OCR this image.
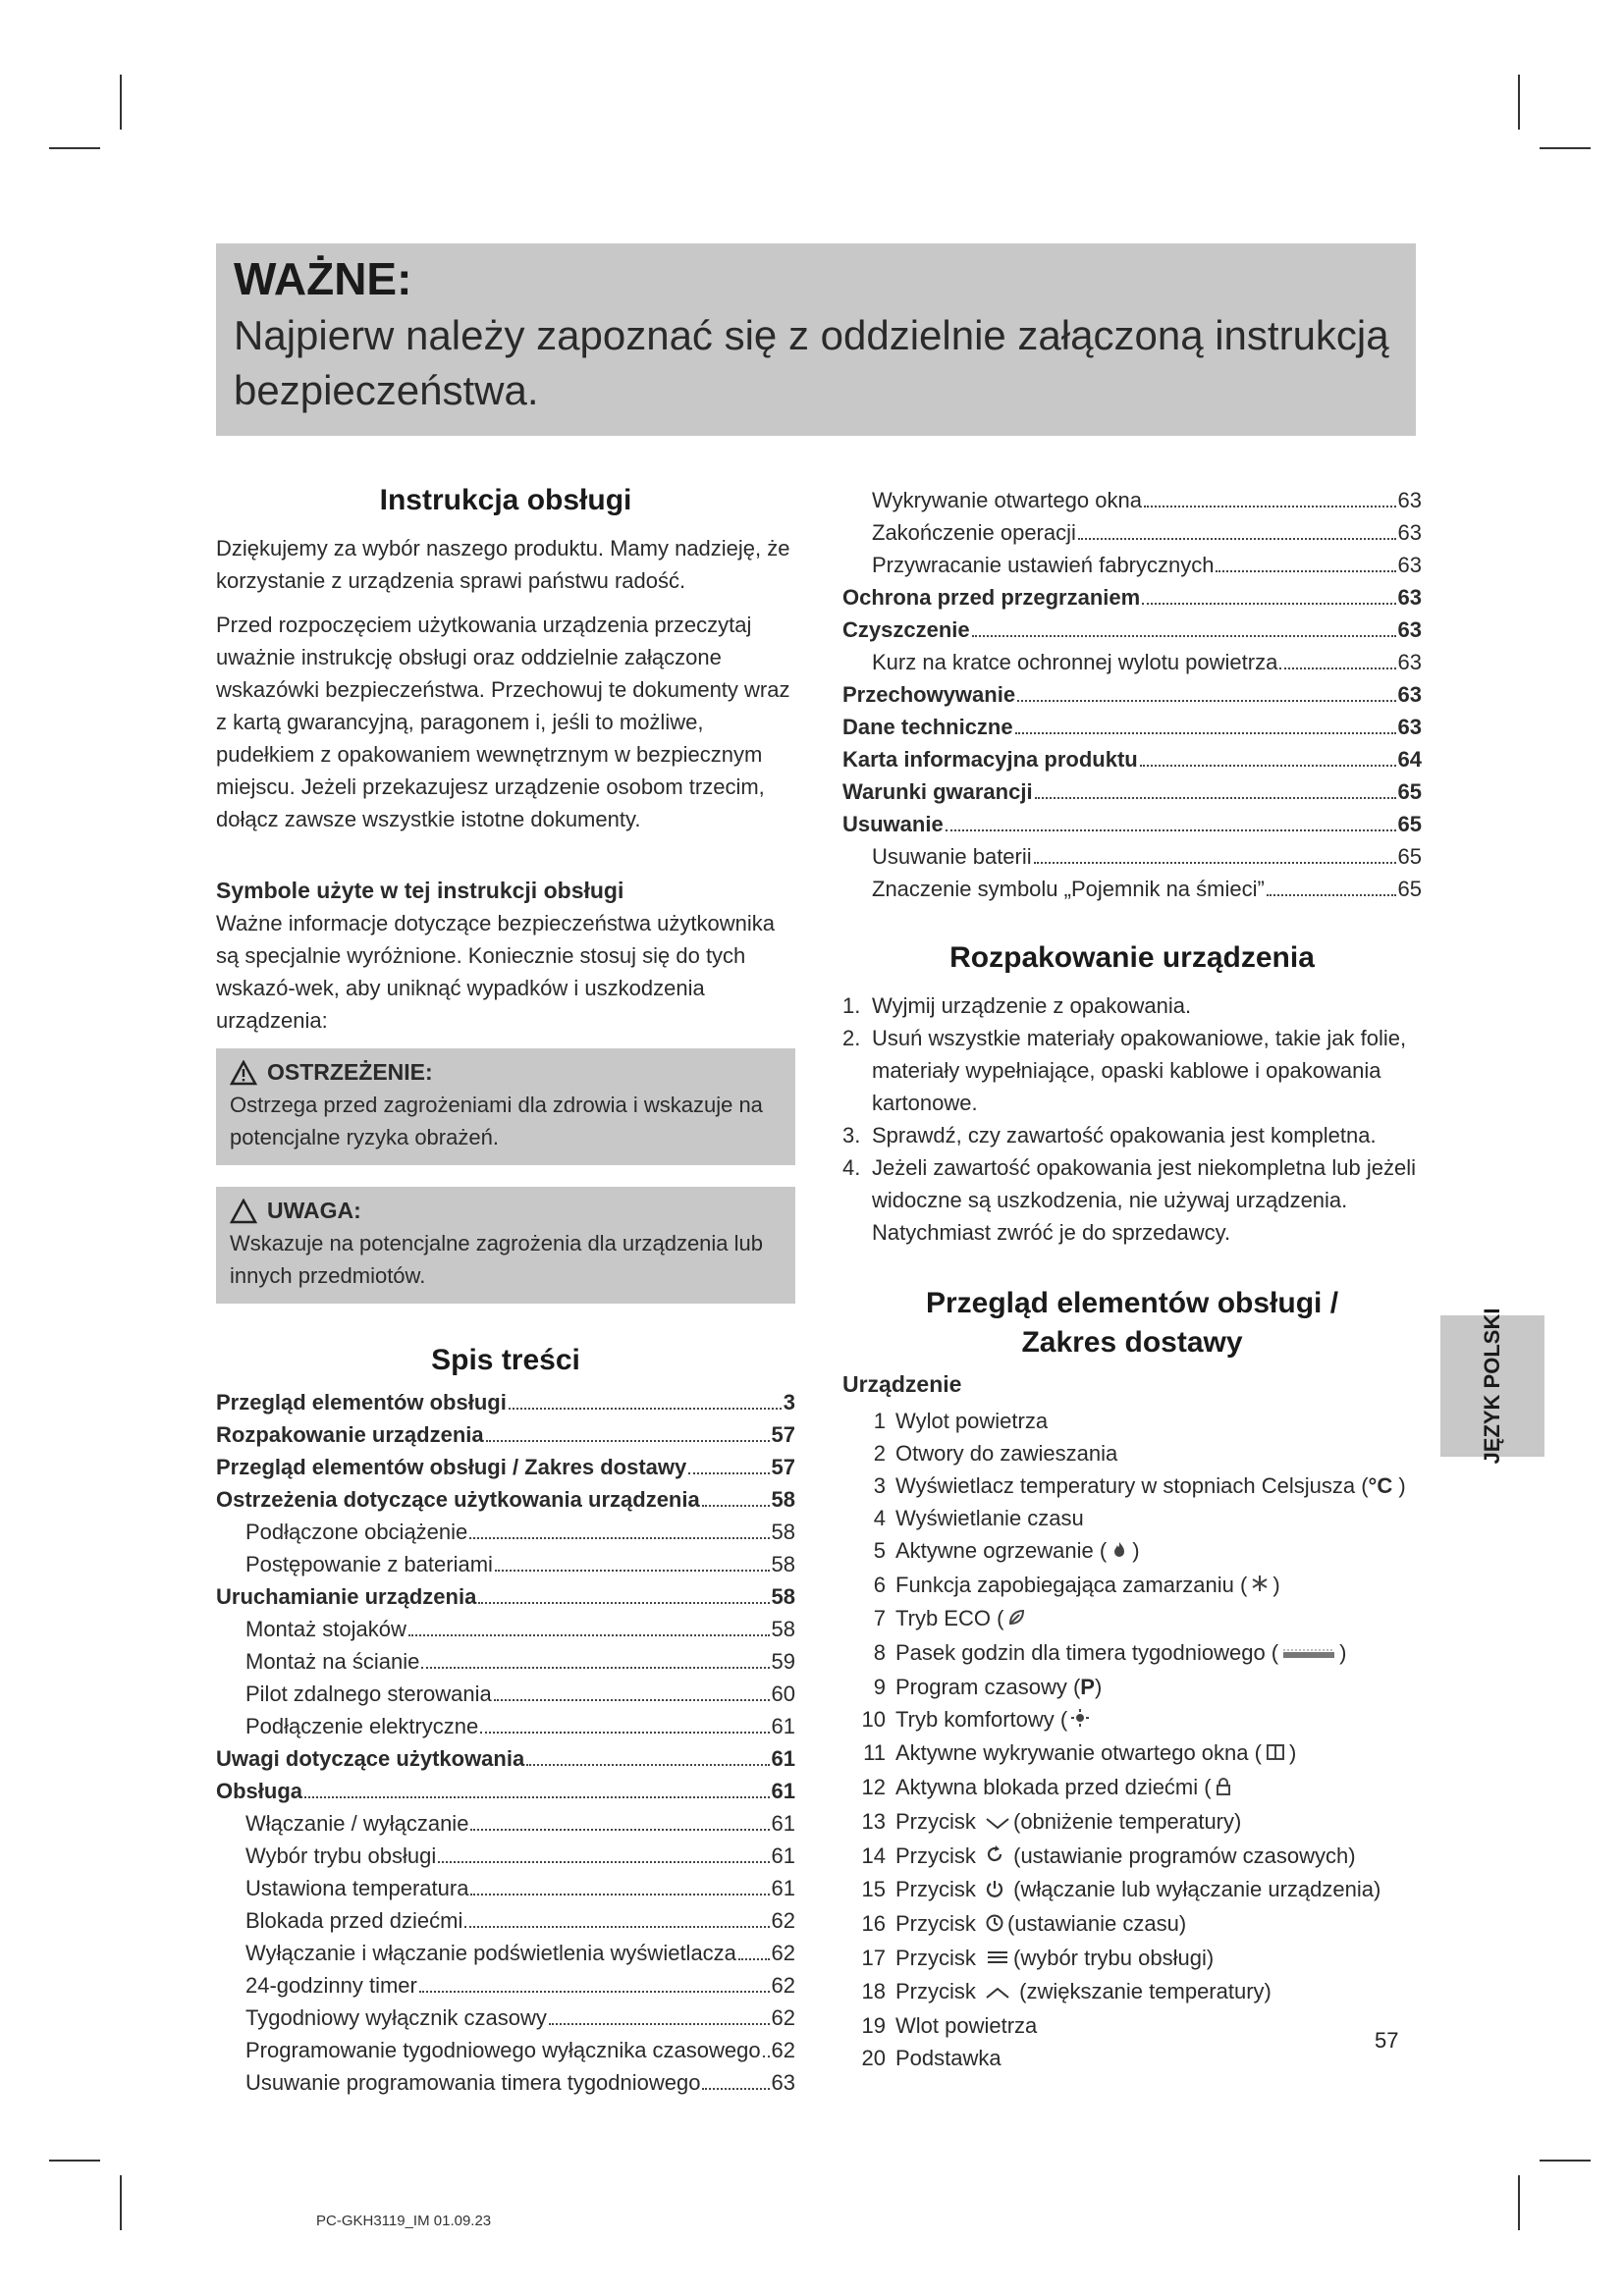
WAŻNE:

Najpierw należy zapoznać się z oddzielnie załączoną instrukcją

bezpieczeństwa.

Instrukcja obsługi

Dziękujemy za wybór naszego produktu. Mamy nadzieję, że korzystanie z urządzenia sprawi państwu radość.

Przed rozpoczęciem użytkowania urządzenia przeczytaj uważnie instrukcję obsługi oraz oddzielnie załączone wskazówki bezpieczeństwa. Przechowuj te dokumenty wraz z kartą gwarancyjną, paragonem i, jeśli to możliwe, pudełkiem z opakowaniem wewnętrznym w bezpiecznym miejscu. Jeżeli przekazujesz urządzenie osobom trzecim, dołącz zawsze wszystkie istotne dokumenty.

Symbole użyte w tej instrukcji obsługi

Ważne informacje dotyczące bezpieczeństwa użytkownika są specjalnie wyróżnione. Koniecznie stosuj się do tych wskazó-wek, aby uniknąć wypadków i uszkodzenia urządzenia:

OSTRZEŻENIE:

Ostrzega przed zagrożeniami dla zdrowia i wskazuje na potencjalne ryzyka obrażeń.

UWAGA:

Wskazuje na potencjalne zagrożenia dla urządzenia lub innych przedmiotów.

Spis treści
Przegląd elementów obsługi	3
Rozpakowanie urządzenia	57
Przegląd elementów obsługi / Zakres dostawy	57
Ostrzeżenia dotyczące użytkowania urządzenia	58
Podłączone obciążenie	58
Postępowanie z bateriami	58
Uruchamianie urządzenia	58
Montaż stojaków	58
Montaż na ścianie	59
Pilot zdalnego sterowania	60
Podłączenie elektryczne	61
Uwagi dotyczące użytkowania	61
Obsługa	61
Włączanie / wyłączanie	61
Wybór trybu obsługi	61
Ustawiona temperatura	61
Blokada przed dziećmi	62
Wyłączanie i włączanie podświetlenia wyświetlacza 62
24-godzinny timer	62
Tygodniowy wyłącznik czasowy	62
Programowanie tygodniowego wyłącznika czasowego 62
Usuwanie programowania timera tygodniowego	63
Wykrywanie otwartego okna	63
Zakończenie operacji	63
Przywracanie ustawień fabrycznych	63
Ochrona przed przegrzaniem	63
Czyszczenie	63
Kurz na kratce ochronnej wylotu powietrza	63
Przechowywanie	63
Dane techniczne	63
Karta informacyjna produktu	64
Warunki gwarancji	65
Usuwanie	65
Usuwanie baterii	65
Znaczenie symbolu „Pojemnik na śmieci”	65
Rozpakowanie urządzenia
1. Wyjmij urządzenie z opakowania.
2. Usuń wszystkie materiały opakowaniowe, takie jak folie, materiały wypełniające, opaski kablowe i opakowania kartonowe.
3. Sprawdź, czy zawartość opakowania jest kompletna.
4. Jeżeli zawartość opakowania jest niekompletna lub jeżeli widoczne są uszkodzenia, nie używaj urządzenia. Natychmiast zwróć je do sprzedawcy.
Przegląd elementów obsługi /
Zakres dostawy

Urządzenie

1 Wylot powietrza
2 Otwory do zawieszania
3 Wyświetlacz temperatury w stopniach Celsjusza (°C )
4 Wyświetlanie czasu
5 Aktywne ogrzewanie ( )
6 Funkcja zapobiegająca zamarzaniu ( )
7 Tryb ECO (
8 Pasek godzin dla timera tygodniowego (	)
9 Program czasowy (P)
10 Tryb komfortowy (
11 Aktywne wykrywanie otwartego okna ( )
12 Aktywna blokada przed dziećmi (
13 Przycisk (obniżenie temperatury)
14 Przycisk  (ustawianie programów czasowych)
15 Przycisk  (włączanie lub wyłączanie urządzenia)
16 Przycisk (ustawianie czasu)
17 Przycisk (wybór trybu obsługi)
18 Przycisk  (zwiększanie temperatury)
19 Wlot powietrza
20 Podstawka
JĘZYK POLSKI
57
PC-GKH3119_IM 01.09.23
